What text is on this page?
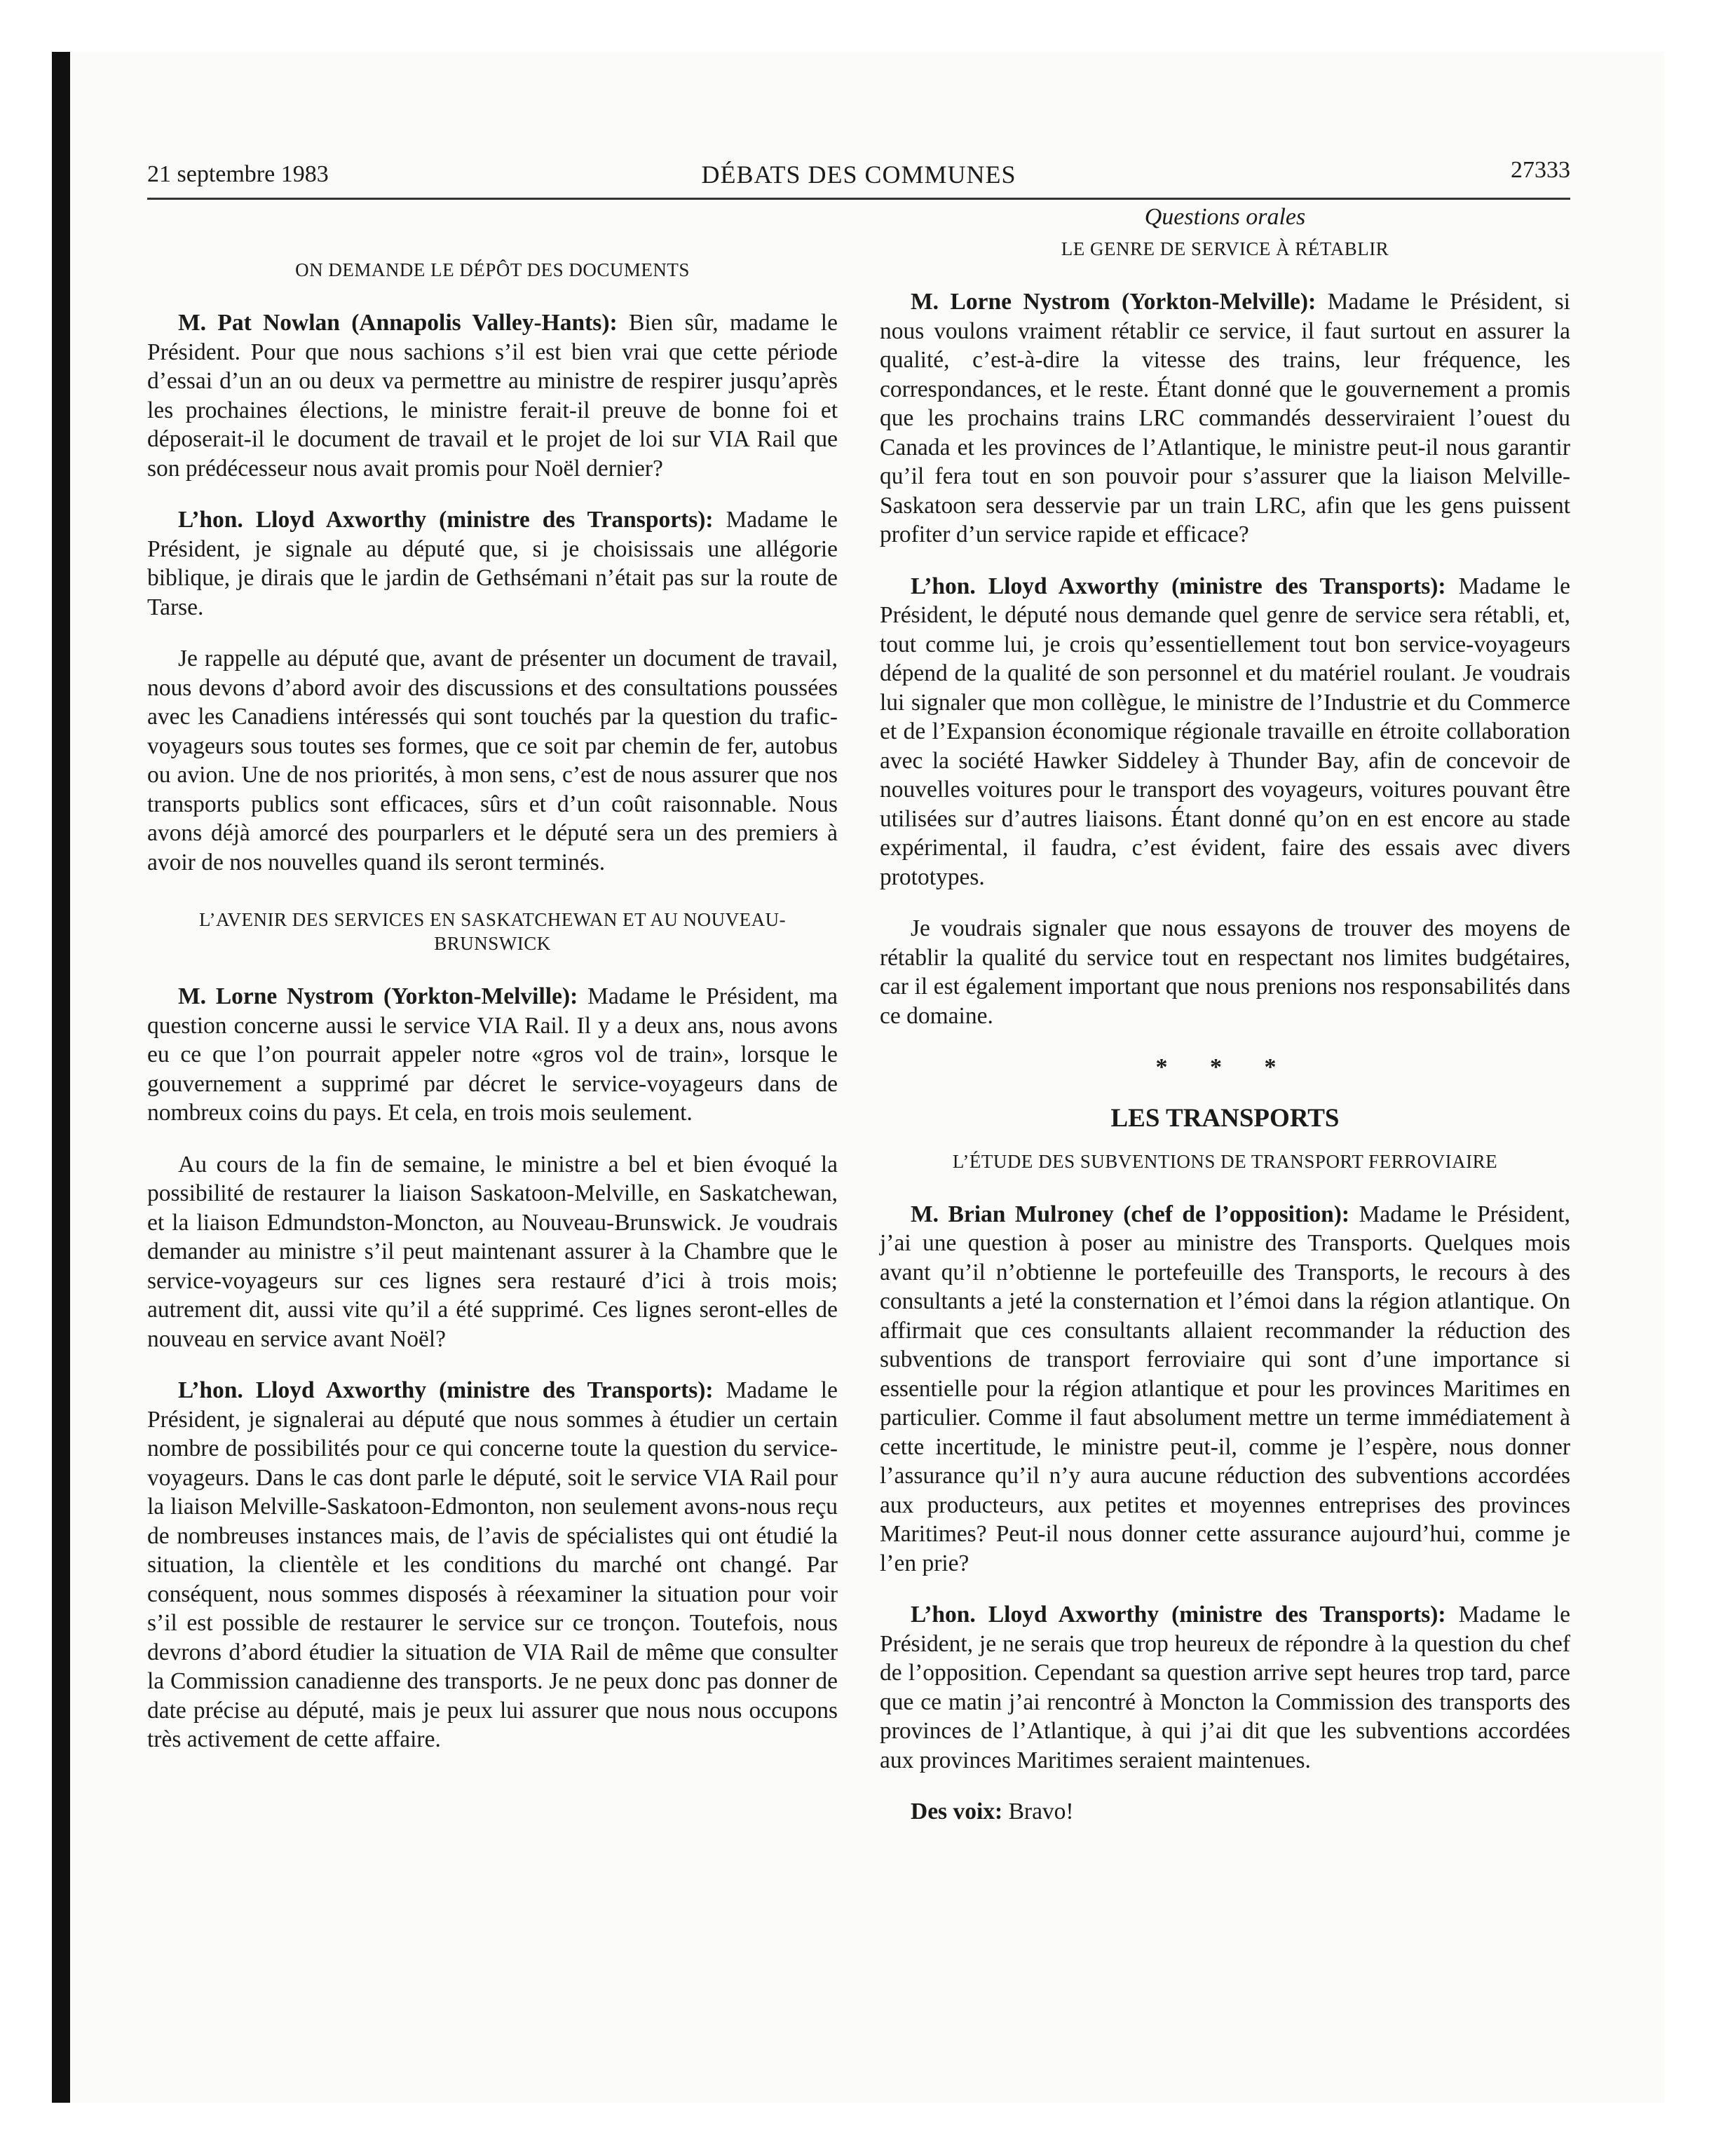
21 septembre 1983	DÉBATS DES COMMUNES	27333
ON DEMANDE LE DÉPÔT DES DOCUMENTS

M. Pat Nowlan (Annapolis Valley-Hants): Bien sûr, madame le Président. Pour que nous sachions s’il est bien vrai que cette période d’essai d’un an ou deux va permettre au ministre de respirer jusqu’après les prochaines élections, le ministre ferait-il preuve de bonne foi et déposerait-il le document de travail et le projet de loi sur VIA Rail que son prédécesseur nous avait promis pour Noël dernier?

L’hon. Lloyd Axworthy (ministre des Transports): Madame le Président, je signale au député que, si je choisissais une allégorie biblique, je dirais que le jardin de Gethsémani n’était pas sur la route de Tarse.

Je rappelle au député que, avant de présenter un document de travail, nous devons d’abord avoir des discussions et des consultations poussées avec les Canadiens intéressés qui sont touchés par la question du trafic-voyageurs sous toutes ses formes, que ce soit par chemin de fer, autobus ou avion. Une de nos priorités, à mon sens, c’est de nous assurer que nos transports publics sont efficaces, sûrs et d’un coût raisonnable. Nous avons déjà amorcé des pourparlers et le député sera un des premiers à avoir de nos nouvelles quand ils seront terminés.

L’AVENIR DES SERVICES EN SASKATCHEWAN ET AU NOUVEAU-BRUNSWICK

M. Lorne Nystrom (Yorkton-Melville): Madame le Président, ma question concerne aussi le service VIA Rail. Il y a deux ans, nous avons eu ce que l’on pourrait appeler notre «gros vol de train», lorsque le gouvernement a supprimé par décret le service-voyageurs dans de nombreux coins du pays. Et cela, en trois mois seulement.

Au cours de la fin de semaine, le ministre a bel et bien évoqué la possibilité de restaurer la liaison Saskatoon-Melville, en Saskatchewan, et la liaison Edmundston-Moncton, au Nouveau-Brunswick. Je voudrais demander au ministre s’il peut maintenant assurer à la Chambre que le service-voyageurs sur ces lignes sera restauré d’ici à trois mois; autrement dit, aussi vite qu’il a été supprimé. Ces lignes seront-elles de nouveau en service avant Noël?

L’hon. Lloyd Axworthy (ministre des Transports): Madame le Président, je signalerai au député que nous sommes à étudier un certain nombre de possibilités pour ce qui concerne toute la question du service-voyageurs. Dans le cas dont parle le député, soit le service VIA Rail pour la liaison Melville-Saskatoon-Edmonton, non seulement avons-nous reçu de nombreuses instances mais, de l’avis de spécialistes qui ont étudié la situation, la clientèle et les conditions du marché ont changé. Par conséquent, nous sommes disposés à réexaminer la situation pour voir s’il est possible de restaurer le service sur ce tronçon. Toutefois, nous devrons d’abord étudier la situation de VIA Rail de même que consulter la Commission canadienne des transports. Je ne peux donc pas donner de date précise au député, mais je peux lui assurer que nous nous occupons très activement de cette affaire.

Questions orales
LE GENRE DE SERVICE À RÉTABLIR

M. Lorne Nystrom (Yorkton-Melville): Madame le Président, si nous voulons vraiment rétablir ce service, il faut surtout en assurer la qualité, c’est-à-dire la vitesse des trains, leur fréquence, les correspondances, et le reste. Étant donné que le gouvernement a promis que les prochains trains LRC commandés desserviraient l’ouest du Canada et les provinces de l’Atlantique, le ministre peut-il nous garantir qu’il fera tout en son pouvoir pour s’assurer que la liaison Melville-Saskatoon sera desservie par un train LRC, afin que les gens puissent profiter d’un service rapide et efficace?

L’hon. Lloyd Axworthy (ministre des Transports): Madame le Président, le député nous demande quel genre de service sera rétabli, et, tout comme lui, je crois qu’essentiellement tout bon service-voyageurs dépend de la qualité de son personnel et du matériel roulant. Je voudrais lui signaler que mon collègue, le ministre de l’Industrie et du Commerce et de l’Expansion économique régionale travaille en étroite collaboration avec la société Hawker Siddeley à Thunder Bay, afin de concevoir de nouvelles voitures pour le transport des voyageurs, voitures pouvant être utilisées sur d’autres liaisons. Étant donné qu’on en est encore au stade expérimental, il faudra, c’est évident, faire des essais avec divers prototypes.

Je voudrais signaler que nous essayons de trouver des moyens de rétablir la qualité du service tout en respectant nos limites budgétaires, car il est également important que nous prenions nos responsabilités dans ce domaine.

* * *
LES TRANSPORTS
L’ÉTUDE DES SUBVENTIONS DE TRANSPORT FERROVIAIRE

M. Brian Mulroney (chef de l’opposition): Madame le Président, j’ai une question à poser au ministre des Transports. Quelques mois avant qu’il n’obtienne le portefeuille des Transports, le recours à des consultants a jeté la consternation et l’émoi dans la région atlantique. On affirmait que ces consultants allaient recommander la réduction des subventions de transport ferroviaire qui sont d’une importance si essentielle pour la région atlantique et pour les provinces Maritimes en particulier. Comme il faut absolument mettre un terme immédiatement à cette incertitude, le ministre peut-il, comme je l’espère, nous donner l’assurance qu’il n’y aura aucune réduction des subventions accordées aux producteurs, aux petites et moyennes entreprises des provinces Maritimes? Peut-il nous donner cette assurance aujourd’hui, comme je l’en prie?

L’hon. Lloyd Axworthy (ministre des Transports): Madame le Président, je ne serais que trop heureux de répondre à la question du chef de l’opposition. Cependant sa question arrive sept heures trop tard, parce que ce matin j’ai rencontré à Moncton la Commission des transports des provinces de l’Atlantique, à qui j’ai dit que les subventions accordées aux provinces Maritimes seraient maintenues.

Des voix: Bravo!
